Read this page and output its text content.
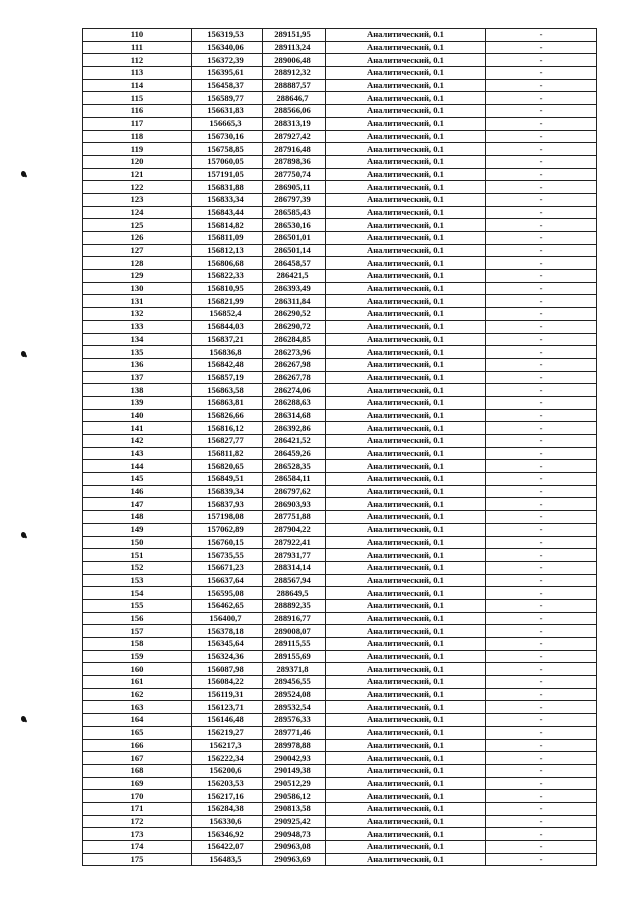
110	156319,53	289151,95	Аналитический, 0.1	-
111	156340,06	289113,24	Аналитический, 0.1	-
112	156372,39	289006,48	Аналитический, 0.1	-
113	156395,61	288912,32	Аналитический, 0.1	-
114	156458,37	288887,57	Аналитический, 0.1	-
115	156589,77	288646,7	Аналитический, 0.1	-
116	156631,83	288566,06	Аналитический, 0.1	-
117	156665,3	288313,19	Аналитический, 0.1	-
118	156730,16	287927,42	Аналитический, 0.1	-
119	156758,85	287916,48	Аналитический, 0.1	-
120	157060,05	287898,36	Аналитический, 0.1	-
121	157191,05	287750,74	Аналитический, 0.1	-
122	156831,88	286905,11	Аналитический, 0.1	-
123	156833,34	286797,39	Аналитический, 0.1	-
124	156843,44	286585,43	Аналитический, 0.1	-
125	156814,82	286530,16	Аналитический, 0.1	-
126	156811,09	286501,01	Аналитический, 0.1	-
127	156812,13	286501,14	Аналитический, 0.1	-
128	156806,68	286458,57	Аналитический, 0.1	-
129	156822,33	286421,5	Аналитический, 0.1	-
130	156810,95	286393,49	Аналитический, 0.1	-
131	156821,99	286311,84	Аналитический, 0.1	-
132	156852,4	286290,52	Аналитический, 0.1	-
133	156844,03	286290,72	Аналитический, 0.1	-
134	156837,21	286284,85	Аналитический, 0.1	-
135	156836,8	286273,96	Аналитический, 0.1	-
136	156842,48	286267,98	Аналитический, 0.1	-
137	156857,19	286267,78	Аналитический, 0.1	-
138	156863,58	286274,06	Аналитический, 0.1	-
139	156863,81	286288,63	Аналитический, 0.1	-
140	156826,66	286314,68	Аналитический, 0.1	-
141	156816,12	286392,86	Аналитический, 0.1	-
142	156827,77	286421,52	Аналитический, 0.1	-
143	156811,82	286459,26	Аналитический, 0.1	-
144	156820,65	286528,35	Аналитический, 0.1	-
145	156849,51	286584,11	Аналитический, 0.1	-
146	156839,34	286797,62	Аналитический, 0.1	-
147	156837,93	286903,93	Аналитический, 0.1	-
148	157198,08	287751,88	Аналитический, 0.1	-
149	157062,89	287904,22	Аналитический, 0.1	-
150	156760,15	287922,41	Аналитический, 0.1	-
151	156735,55	287931,77	Аналитический, 0.1	-
152	156671,23	288314,14	Аналитический, 0.1	-
153	156637,64	288567,94	Аналитический, 0.1	-
154	156595,08	288649,5	Аналитический, 0.1	-
155	156462,65	288892,35	Аналитический, 0.1	-
156	156400,7	288916,77	Аналитический, 0.1	-
157	156378,18	289008,07	Аналитический, 0.1	-
158	156345,64	289115,55	Аналитический, 0.1	-
159	156324,36	289155,69	Аналитический, 0.1	-
160	156087,98	289371,8	Аналитический, 0.1	-
161	156084,22	289456,55	Аналитический, 0.1	-
162	156119,31	289524,08	Аналитический, 0.1	-
163	156123,71	289532,54	Аналитический, 0.1	-
164	156146,48	289576,33	Аналитический, 0.1	-
165	156219,27	289771,46	Аналитический, 0.1	-
166	156217,3	289978,88	Аналитический, 0.1	-
167	156222,34	290042,93	Аналитический, 0.1	-
168	156200,6	290149,38	Аналитический, 0.1	-
169	156203,53	290512,29	Аналитический, 0.1	-
170	156217,16	290586,12	Аналитический, 0.1	-
171	156284,38	290813,58	Аналитический, 0.1	-
172	156330,6	290925,42	Аналитический, 0.1	-
173	156346,92	290948,73	Аналитический, 0.1	-
174	156422,07	290963,08	Аналитический, 0.1	-
175	156483,5	290963,69	Аналитический, 0.1	-
